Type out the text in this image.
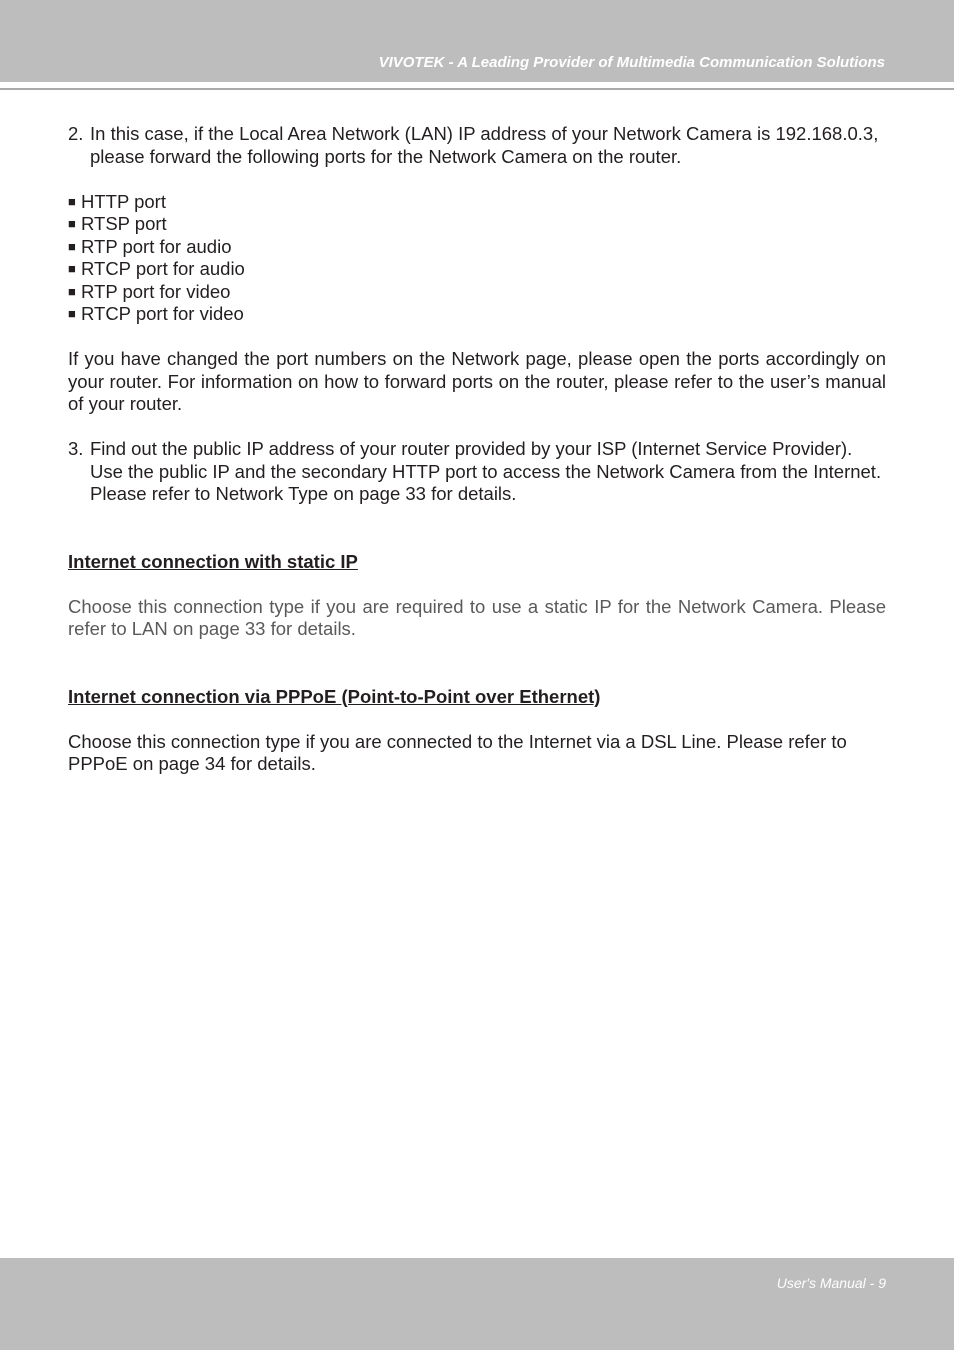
VIVOTEK - A Leading Provider of Multimedia Communication Solutions
2. In this case, if the Local Area Network (LAN) IP address of your Network Camera is 192.168.0.3, please forward the following ports for the Network Camera on the router.
■ HTTP port
■ RTSP port
■ RTP port for audio
■ RTCP port for audio
■ RTP port for video
■ RTCP port for video

If you have changed the port numbers on the Network page, please open the ports accordingly on your router. For information on how to forward ports on the router, please refer to the user’s manual of your router.

3. Find out the public IP address of your router provided by your ISP (Internet Service Provider). Use the public IP and the secondary HTTP port to access the Network Camera from the Internet. Please refer to Network Type on page 33 for details.

Internet connection with static IP

Choose this connection type if you are required to use a static IP for the Network Camera. Please refer to LAN on page 33 for details.

Internet connection via PPPoE (Point-to-Point over Ethernet)

Choose this connection type if you are connected to the Internet via a DSL Line. Please refer to PPPoE on page 34 for details.

User's Manual - 9
